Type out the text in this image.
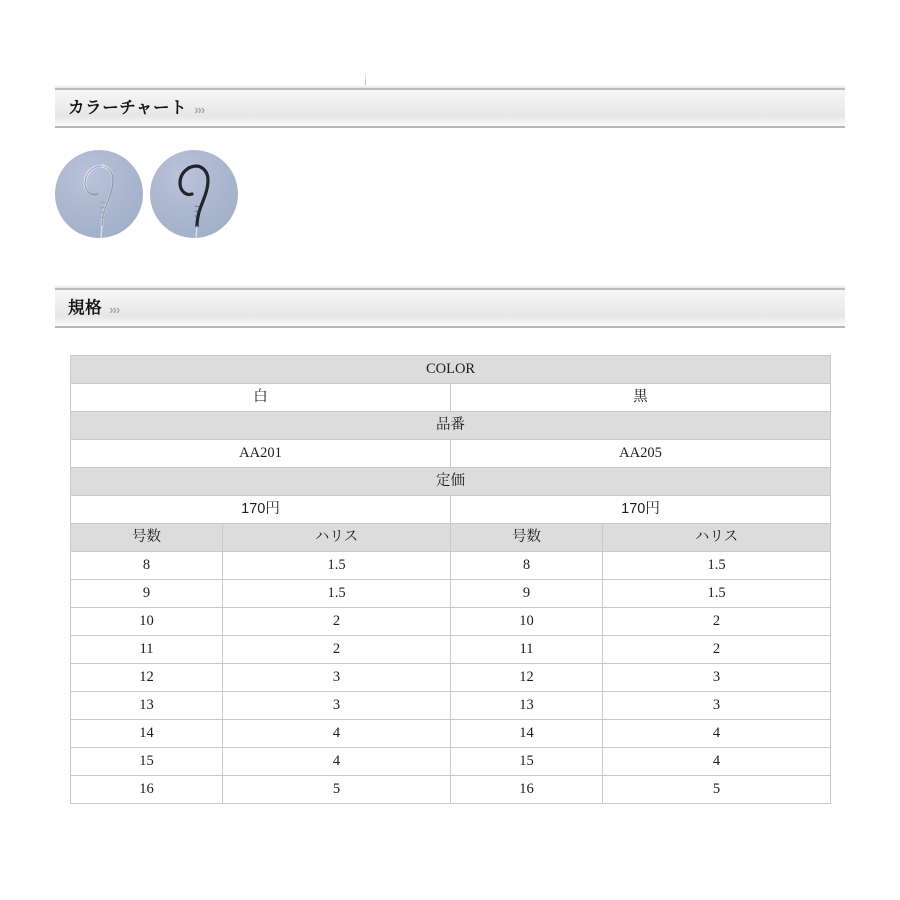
カラーチャート ›››
規格 ›››
COLOR			
白		黒	
品番			
AA201		AA205	
定価			
170円		170円	
号数	ハリス	号数	ハリス
8	1.5	8	1.5
9	1.5	9	1.5
10	2	10	2
11	2	11	2
12	3	12	3
13	3	13	3
14	4	14	4
15	4	15	4
16	5	16	5
